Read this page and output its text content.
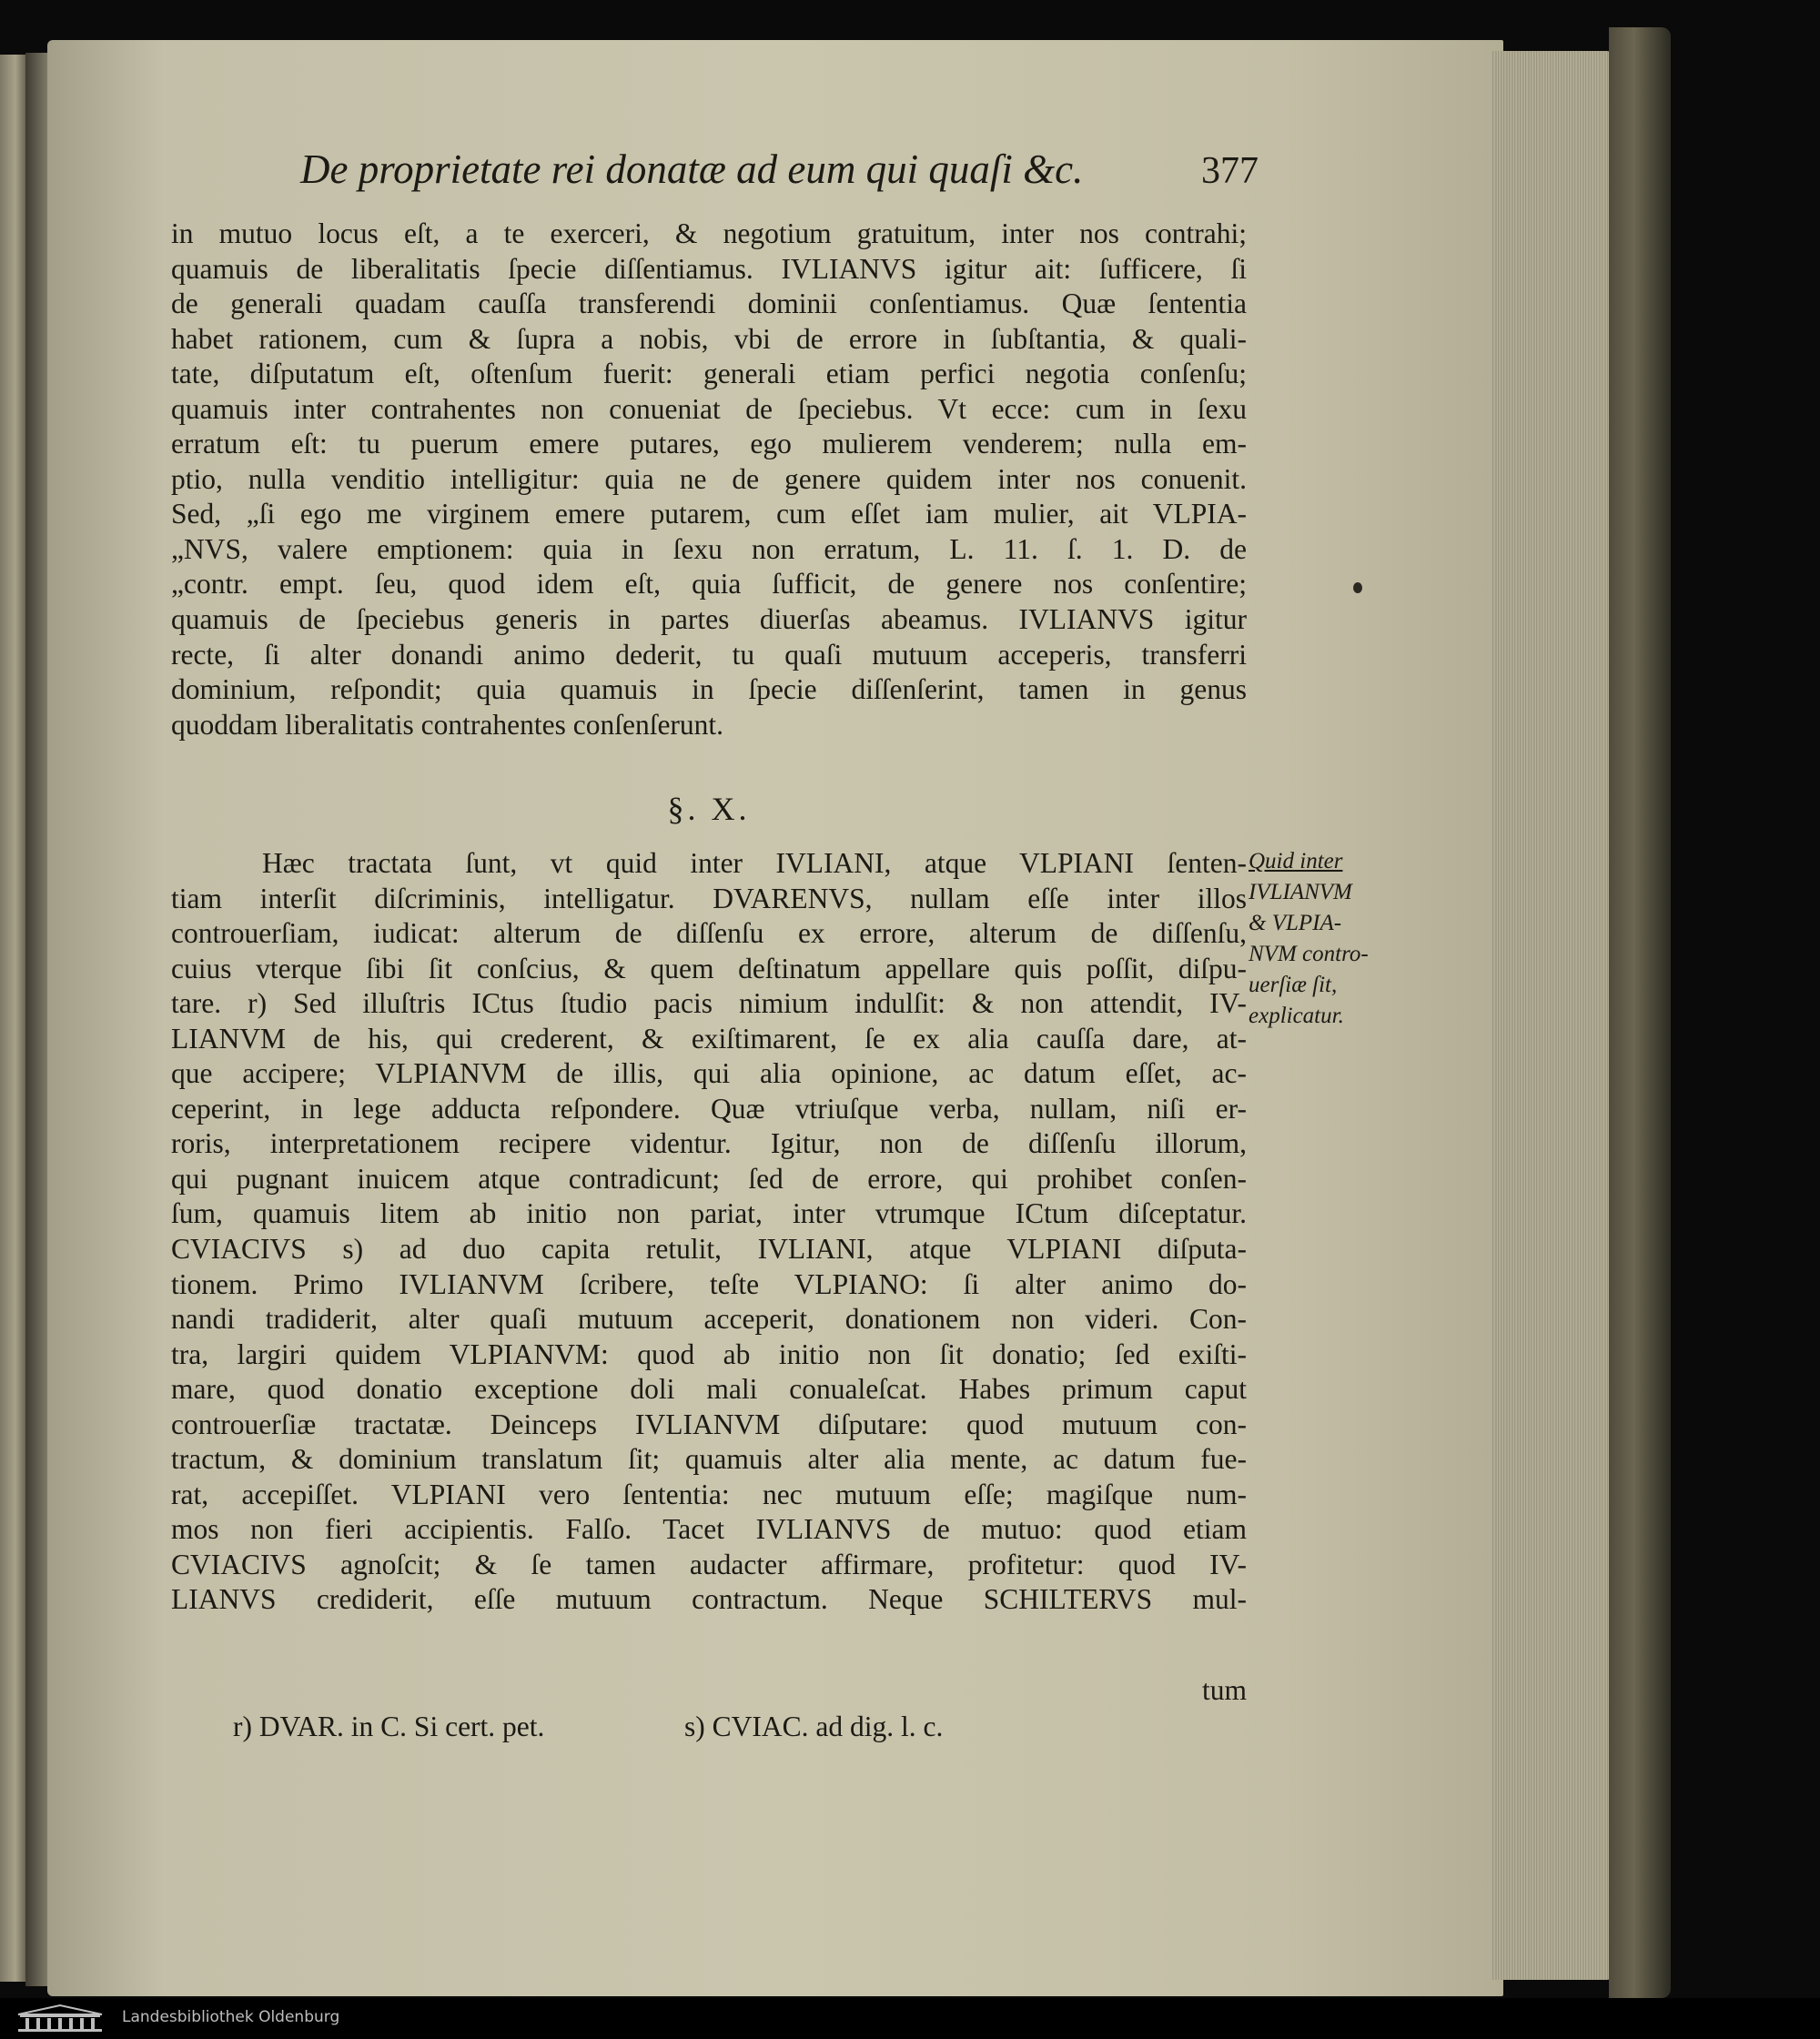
De proprietate rei donatæ ad eum qui quaſi &c.	377
in mutuo locus eſt, a te exerceri, & negotium gratuitum, inter nos contrahi;
quamuis de liberalitatis ſpecie diſſentiamus. IVLIANVS igitur ait: ſufficere, ſi
de generali quadam cauſſa transferendi dominii conſentiamus. Quæ ſententia
habet rationem, cum & ſupra a nobis, vbi de errore in ſubſtantia, & quali-
tate, diſputatum eſt, oſtenſum fuerit: generali etiam perfici negotia conſenſu;
quamuis inter contrahentes non conueniat de ſpeciebus. Vt ecce: cum in ſexu
erratum eſt: tu puerum emere putares, ego mulierem venderem; nulla em-
ptio, nulla venditio intelligitur: quia ne de genere quidem inter nos conuenit.
Sed, „ſi ego me virginem emere putarem, cum eſſet iam mulier, ait VLPIA-
„NVS, valere emptionem: quia in ſexu non erratum, L. 11. ſ. 1. D. de
„contr. empt. ſeu, quod idem eſt, quia ſufficit, de genere nos conſentire;
quamuis de ſpeciebus generis in partes diuerſas abeamus. IVLIANVS igitur
recte, ſi alter donandi animo dederit, tu quaſi mutuum acceperis, transferri
dominium, reſpondit; quia quamuis in ſpecie diſſenſerint, tamen in genus
quoddam liberalitatis contrahentes conſenſerunt.
§. X.
Hæc tractata ſunt, vt quid inter IVLIANI, atque VLPIANI ſenten-
tiam interſit diſcriminis, intelligatur. DVARENVS, nullam eſſe inter illos
controuerſiam, iudicat: alterum de diſſenſu ex errore, alterum de diſſenſu,
cuius vterque ſibi ſit conſcius, & quem deſtinatum appellare quis poſſit, diſpu-
tare. r) Sed illuſtris ICtus ſtudio pacis nimium indulſit: & non attendit, IV-
LIANVM de his, qui crederent, & exiſtimarent, ſe ex alia cauſſa dare, at-
que accipere; VLPIANVM de illis, qui alia opinione, ac datum eſſet, ac-
ceperint, in lege adducta reſpondere. Quæ vtriuſque verba, nullam, niſi er-
roris, interpretationem recipere videntur. Igitur, non de diſſenſu illorum,
qui pugnant inuicem atque contradicunt; ſed de errore, qui prohibet conſen-
ſum, quamuis litem ab initio non pariat, inter vtrumque ICtum diſceptatur.
CVIACIVS s) ad duo capita retulit, IVLIANI, atque VLPIANI diſputa-
tionem. Primo IVLIANVM ſcribere, teſte VLPIANO: ſi alter animo do-
nandi tradiderit, alter quaſi mutuum acceperit, donationem non videri. Con-
tra, largiri quidem VLPIANVM: quod ab initio non ſit donatio; ſed exiſti-
mare, quod donatio exceptione doli mali conualeſcat. Habes primum caput
controuerſiæ tractatæ. Deinceps IVLIANVM diſputare: quod mutuum con-
tractum, & dominium translatum ſit; quamuis alter alia mente, ac datum fue-
rat, accepiſſet. VLPIANI vero ſententia: nec mutuum eſſe; magiſque num-
mos non fieri accipientis. Falſo. Tacet IVLIANVS de mutuo: quod etiam
CVIACIVS agnoſcit; & ſe tamen audacter affirmare, profitetur: quod IV-
LIANVS crediderit, eſſe mutuum contractum. Neque SCHILTERVS mul-
Quid inter
IVLIANVM
& VLPIA-
NVM contro-
uerſiæ ſit,
explicatur.
tum
r) DVAR. in C. Si cert. pet.	s) CVIAC. ad dig. l. c.
Landesbibliothek Oldenburg
